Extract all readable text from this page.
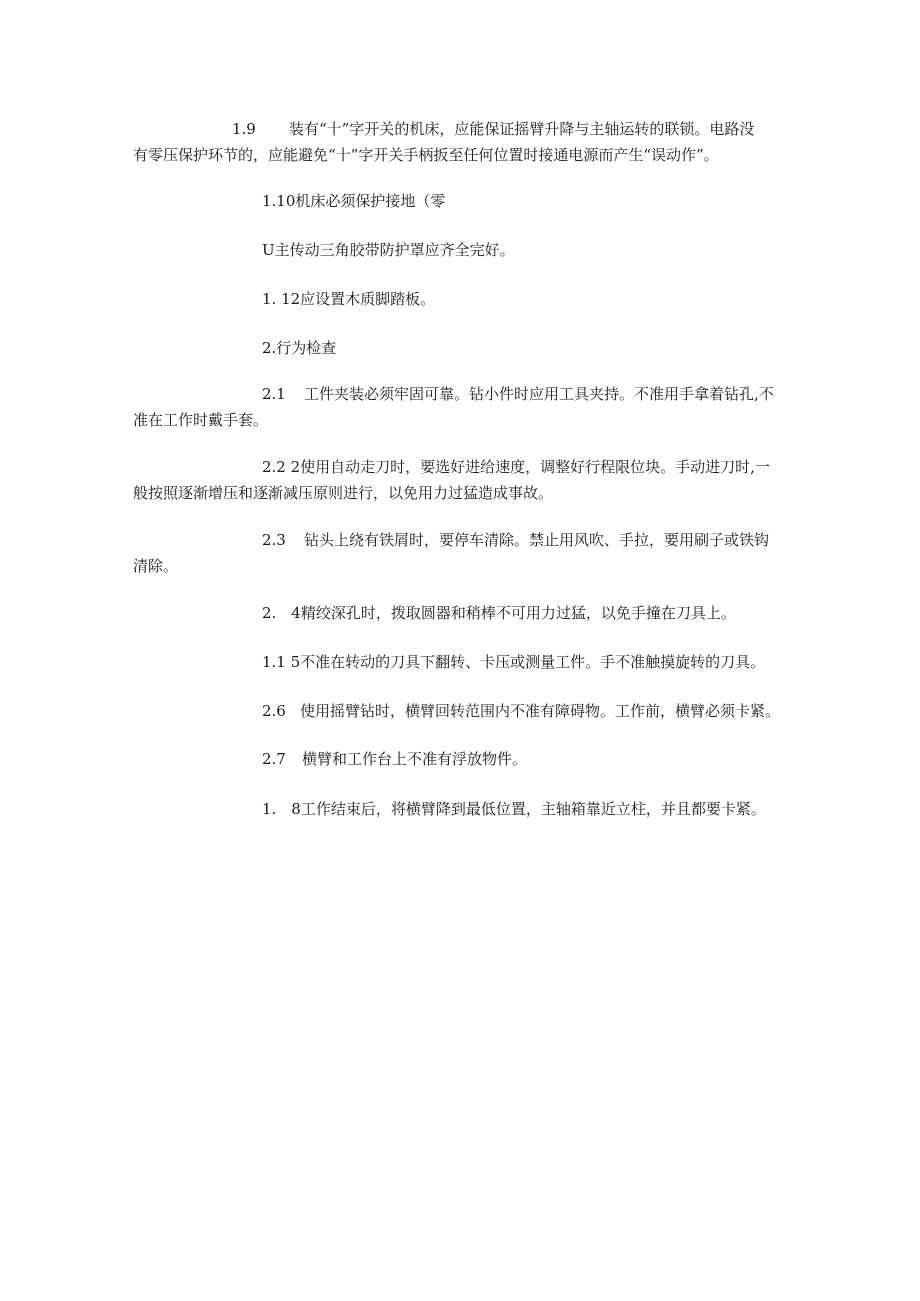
1.9 装有“十”字开关的机床，应能保证摇臂升降与主轴运转的联锁。电路没
有零压保护环节的，应能避免“十”字开关手柄扳至任何位置时接通电源而产生“误动作”。
1.10机床必须保护接地（零
U主传动三角胶带防护罩应齐全完好。
1. 12应设置木质脚踏板。
2.行为检查
2.1 工件夹装必须牢固可靠。钻小件时应用工具夹持。不准用手拿着钻孔,不
准在工作时戴手套。
2.2 2使用自动走刀时，要选好进给速度，调整好行程限位块。手动进刀时,一
般按照逐渐增压和逐渐减压原则进行，以免用力过猛造成事故。
2.3 钻头上绕有铁屑时，要停车清除。禁止用风吹、手拉，要用刷子或铁钩
清除。
2.　4精绞深孔时，拨取圆器和稍棒不可用力过猛，以免手撞在刀具上。
1.1 5不准在转动的刀具下翻转、卡压或测量工件。手不准触摸旋转的刀具。
2.6 使用摇臂钻时，横臂回转范围内不准有障碍物。工作前，横臂必须卡紧。
2.7 横臂和工作台上不准有浮放物件。
1.　8工作结束后，将横臂降到最低位置，主轴箱靠近立柱，并且都要卡紧。
